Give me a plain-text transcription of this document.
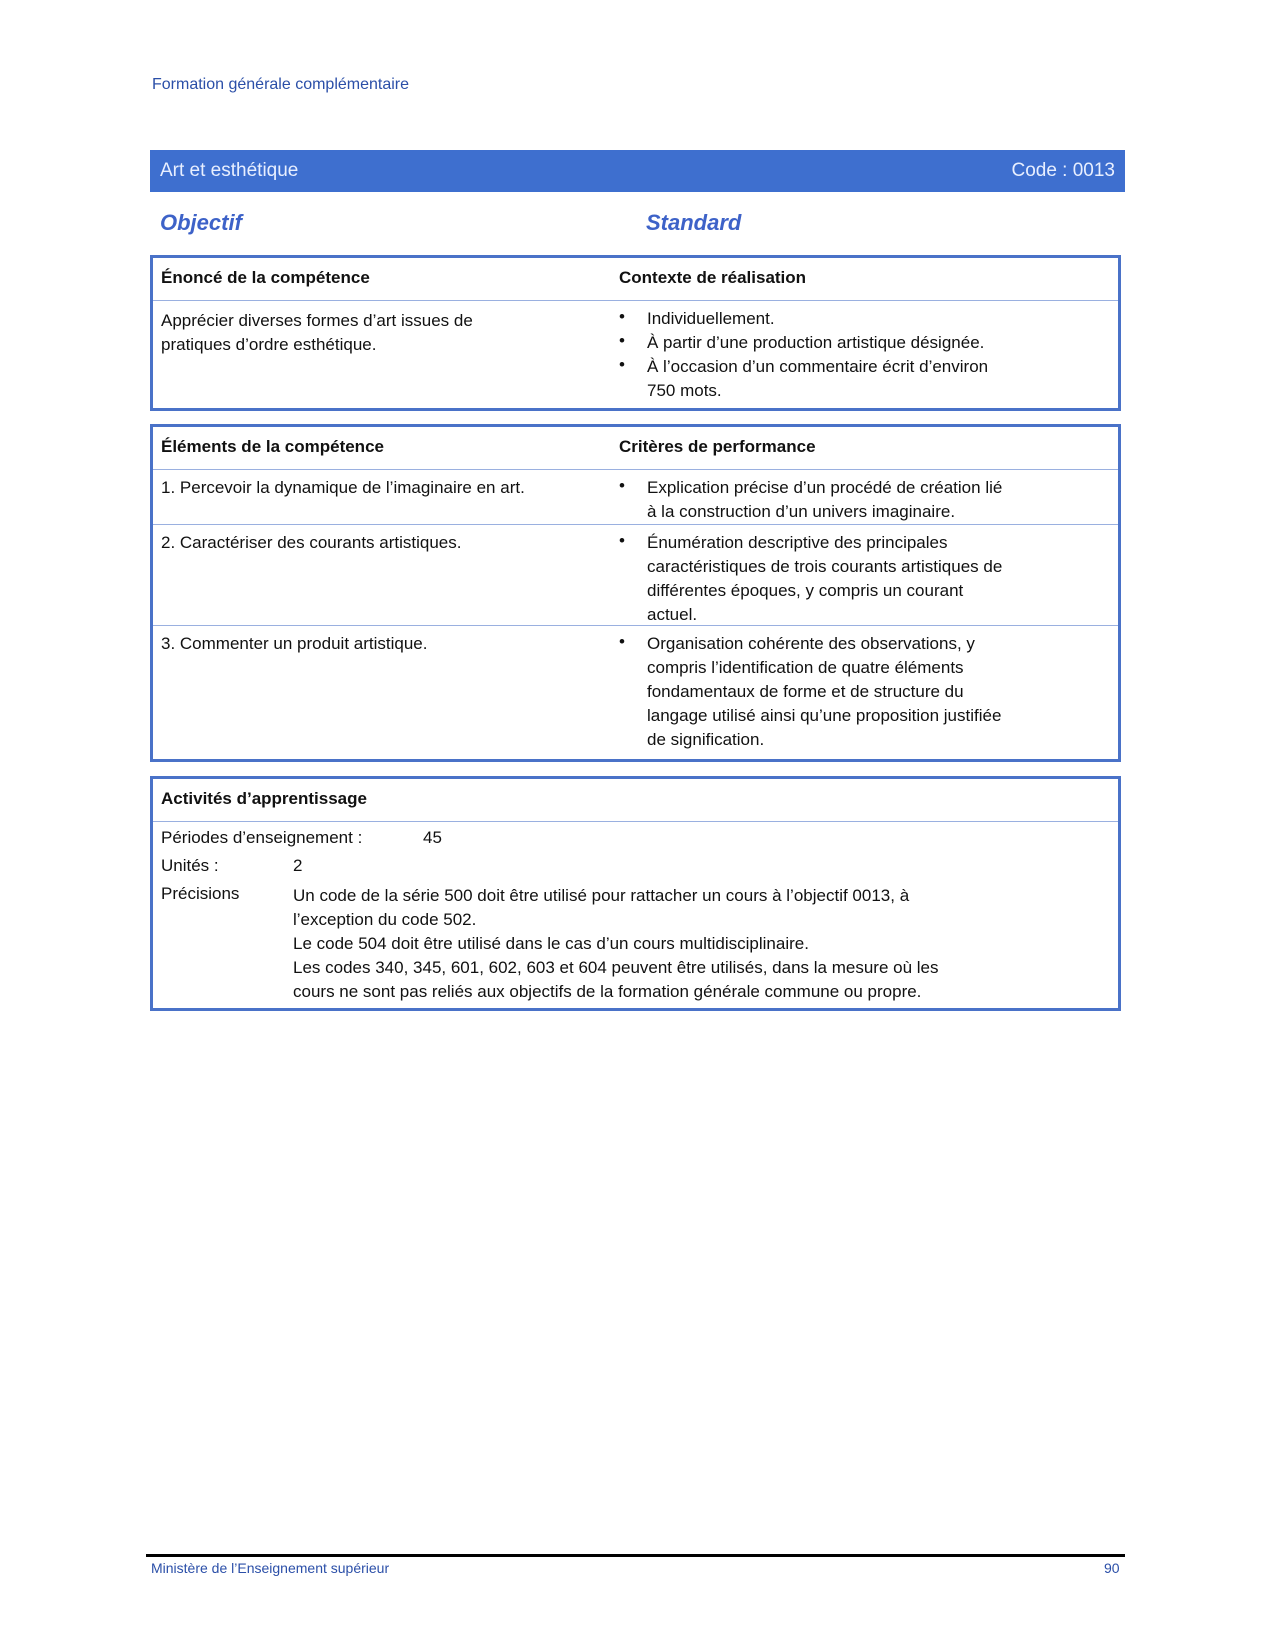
Formation générale complémentaire
Art et esthétique	Code : 0013
Objectif	Standard
Énoncé de la compétence	Contexte de réalisation
Apprécier diverses formes d’art issues de
pratiques d’ordre esthétique.
•	Individuellement.
•	À partir d’une production artistique désignée.
•	À l’occasion d’un commentaire écrit d’environ
750 mots.
Éléments de la compétence	Critères de performance
1. Percevoir la dynamique de l’imaginaire en art.	•	Explication précise d’un procédé de création lié
à la construction d’un univers imaginaire.
2. Caractériser des courants artistiques.	•	Énumération descriptive des principales
caractéristiques de trois courants artistiques de
différentes époques, y compris un courant
actuel.
3. Commenter un produit artistique.	•	Organisation cohérente des observations, y
compris l’identification de quatre éléments
fondamentaux de forme et de structure du
langage utilisé ainsi qu’une proposition justifiée
de signification.
Activités d’apprentissage
Périodes d’enseignement :	45
Unités :	2
Précisions	Un code de la série 500 doit être utilisé pour rattacher un cours à l’objectif 0013, à
l’exception du code 502.
Le code 504 doit être utilisé dans le cas d’un cours multidisciplinaire.
Les codes 340, 345, 601, 602, 603 et 604 peuvent être utilisés, dans la mesure où les
cours ne sont pas reliés aux objectifs de la formation générale commune ou propre.
Ministère de l’Enseignement supérieur	90
